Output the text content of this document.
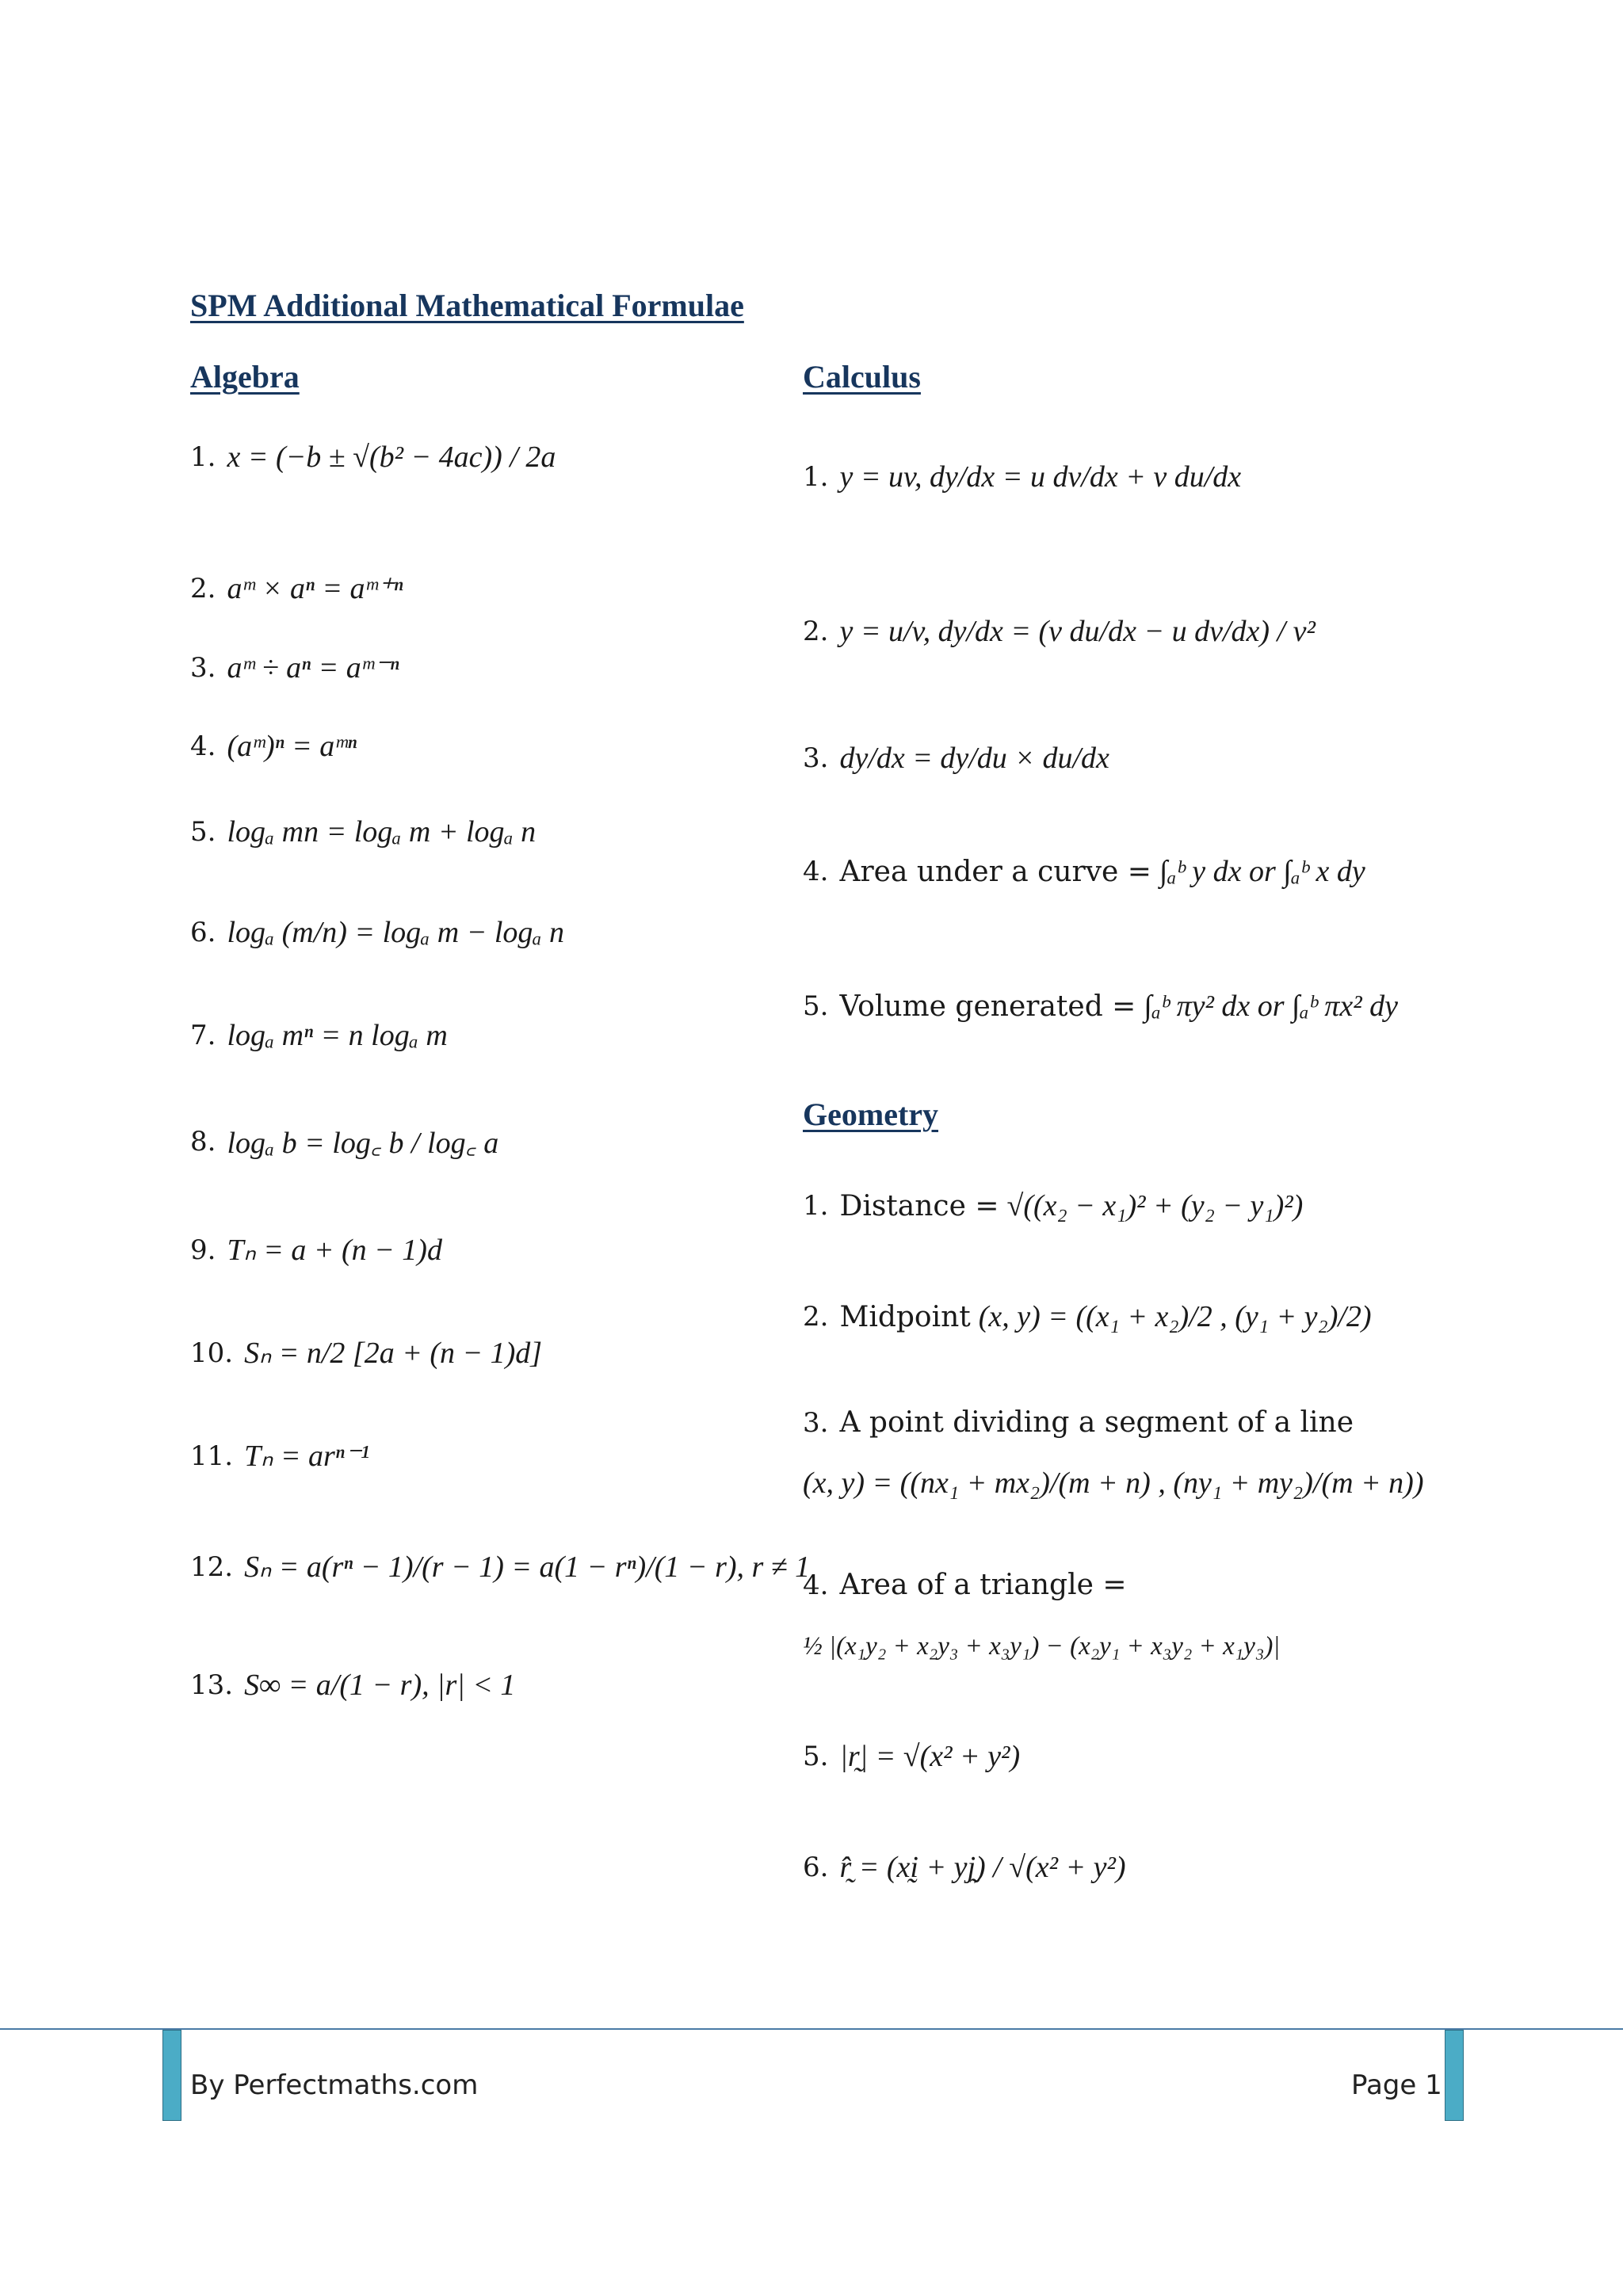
SPM Additional Mathematical Formulae
Algebra
1. x = (−b ± √(b² − 4ac)) / 2a
2. aᵐ × aⁿ = aᵐ⁺ⁿ
3. aᵐ ÷ aⁿ = aᵐ⁻ⁿ
4. (aᵐ)ⁿ = aᵐⁿ
5. logₐ mn = logₐ m + logₐ n
6. logₐ (m/n) = logₐ m − logₐ n
7. logₐ mⁿ = n logₐ m
8. logₐ b = log꜀ b / log꜀ a
9. Tₙ = a + (n − 1)d
10. Sₙ = n/2 [2a + (n − 1)d]
11. Tₙ = arⁿ⁻¹
12. Sₙ = a(rⁿ − 1)/(r − 1) = a(1 − rⁿ)/(1 − r), r ≠ 1
13. S∞ = a/(1 − r), |r| < 1
Calculus
1. y = uv, dy/dx = u dv/dx + v du/dx
2. y = u/v, dy/dx = (v du/dx − u dv/dx) / v²
3. dy/dx = dy/du × du/dx
4. Area under a curve = ∫ₐᵇ y dx or ∫ₐᵇ x dy
5. Volume generated = ∫ₐᵇ πy² dx or ∫ₐᵇ πx² dy
Geometry
1. Distance = √((x₂ − x₁)² + (y₂ − y₁)²)
2. Midpoint (x, y) = ((x₁ + x₂)/2 , (y₁ + y₂)/2)
3. A point dividing a segment of a line
(x, y) = ((nx₁ + mx₂)/(m + n) , (ny₁ + my₂)/(m + n))
4. Area of a triangle =
½ |(x₁y₂ + x₂y₃ + x₃y₁) − (x₂y₁ + x₃y₂ + x₁y₃)|
5. |r̰| = √(x² + y²)
6. r̰̂ = (xḭ + yj̰) / √(x² + y²)
By Perfectmaths.com	Page 1
